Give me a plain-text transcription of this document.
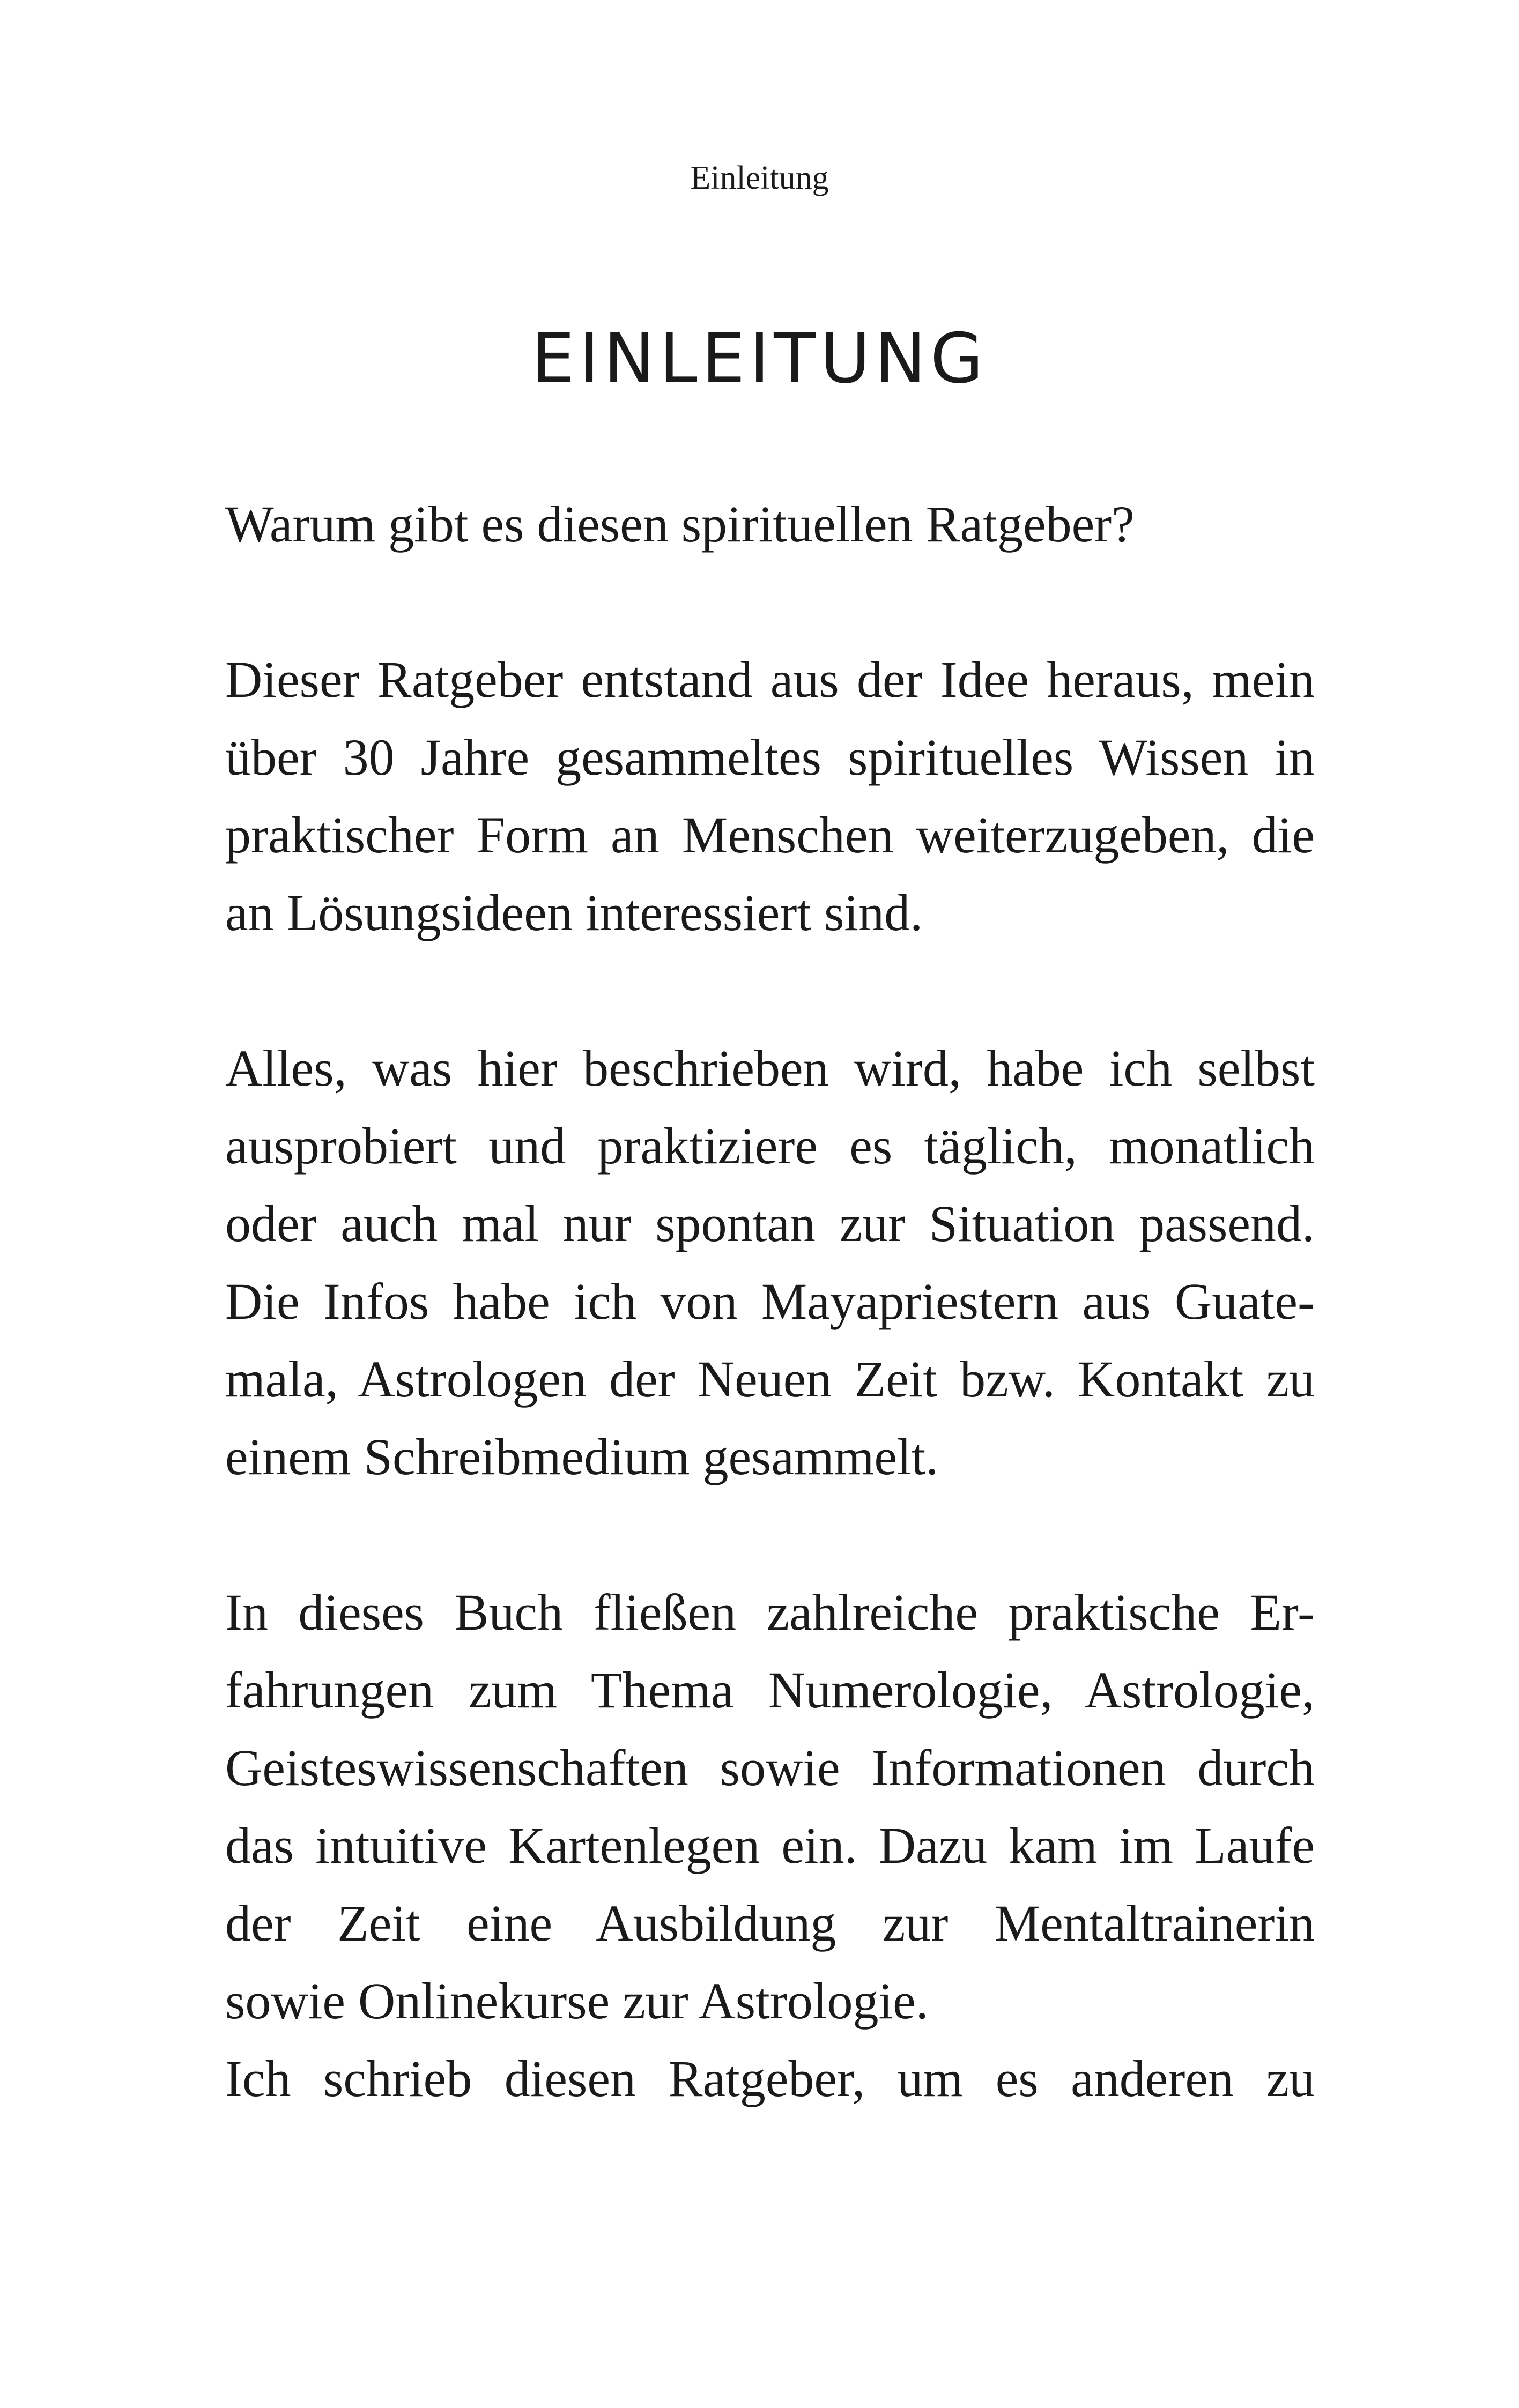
Einleitung
EINLEITUNG

Warum gibt es diesen spirituellen Ratgeber?

Dieser Ratgeber entstand aus der Idee heraus, mein
über 30 Jahre gesammeltes spirituelles Wissen in
praktischer Form an Menschen weiterzugeben, die
an Lösungsideen interessiert sind.

Alles, was hier beschrieben wird, habe ich selbst
ausprobiert und praktiziere es täglich, monatlich
oder auch mal nur spontan zur Situation passend.
Die Infos habe ich von Mayapriestern aus Guate-
mala, Astrologen der Neuen Zeit bzw. Kontakt zu
einem Schreibmedium gesammelt.

In dieses Buch fließen zahlreiche praktische Er-
fahrungen zum Thema Numerologie, Astrologie,
Geisteswissenschaften sowie Informationen durch
das intuitive Kartenlegen ein. Dazu kam im Laufe
der Zeit eine Ausbildung zur Mentaltrainerin
sowie Onlinekurse zur Astrologie.

Ich schrieb diesen Ratgeber, um es anderen zu
